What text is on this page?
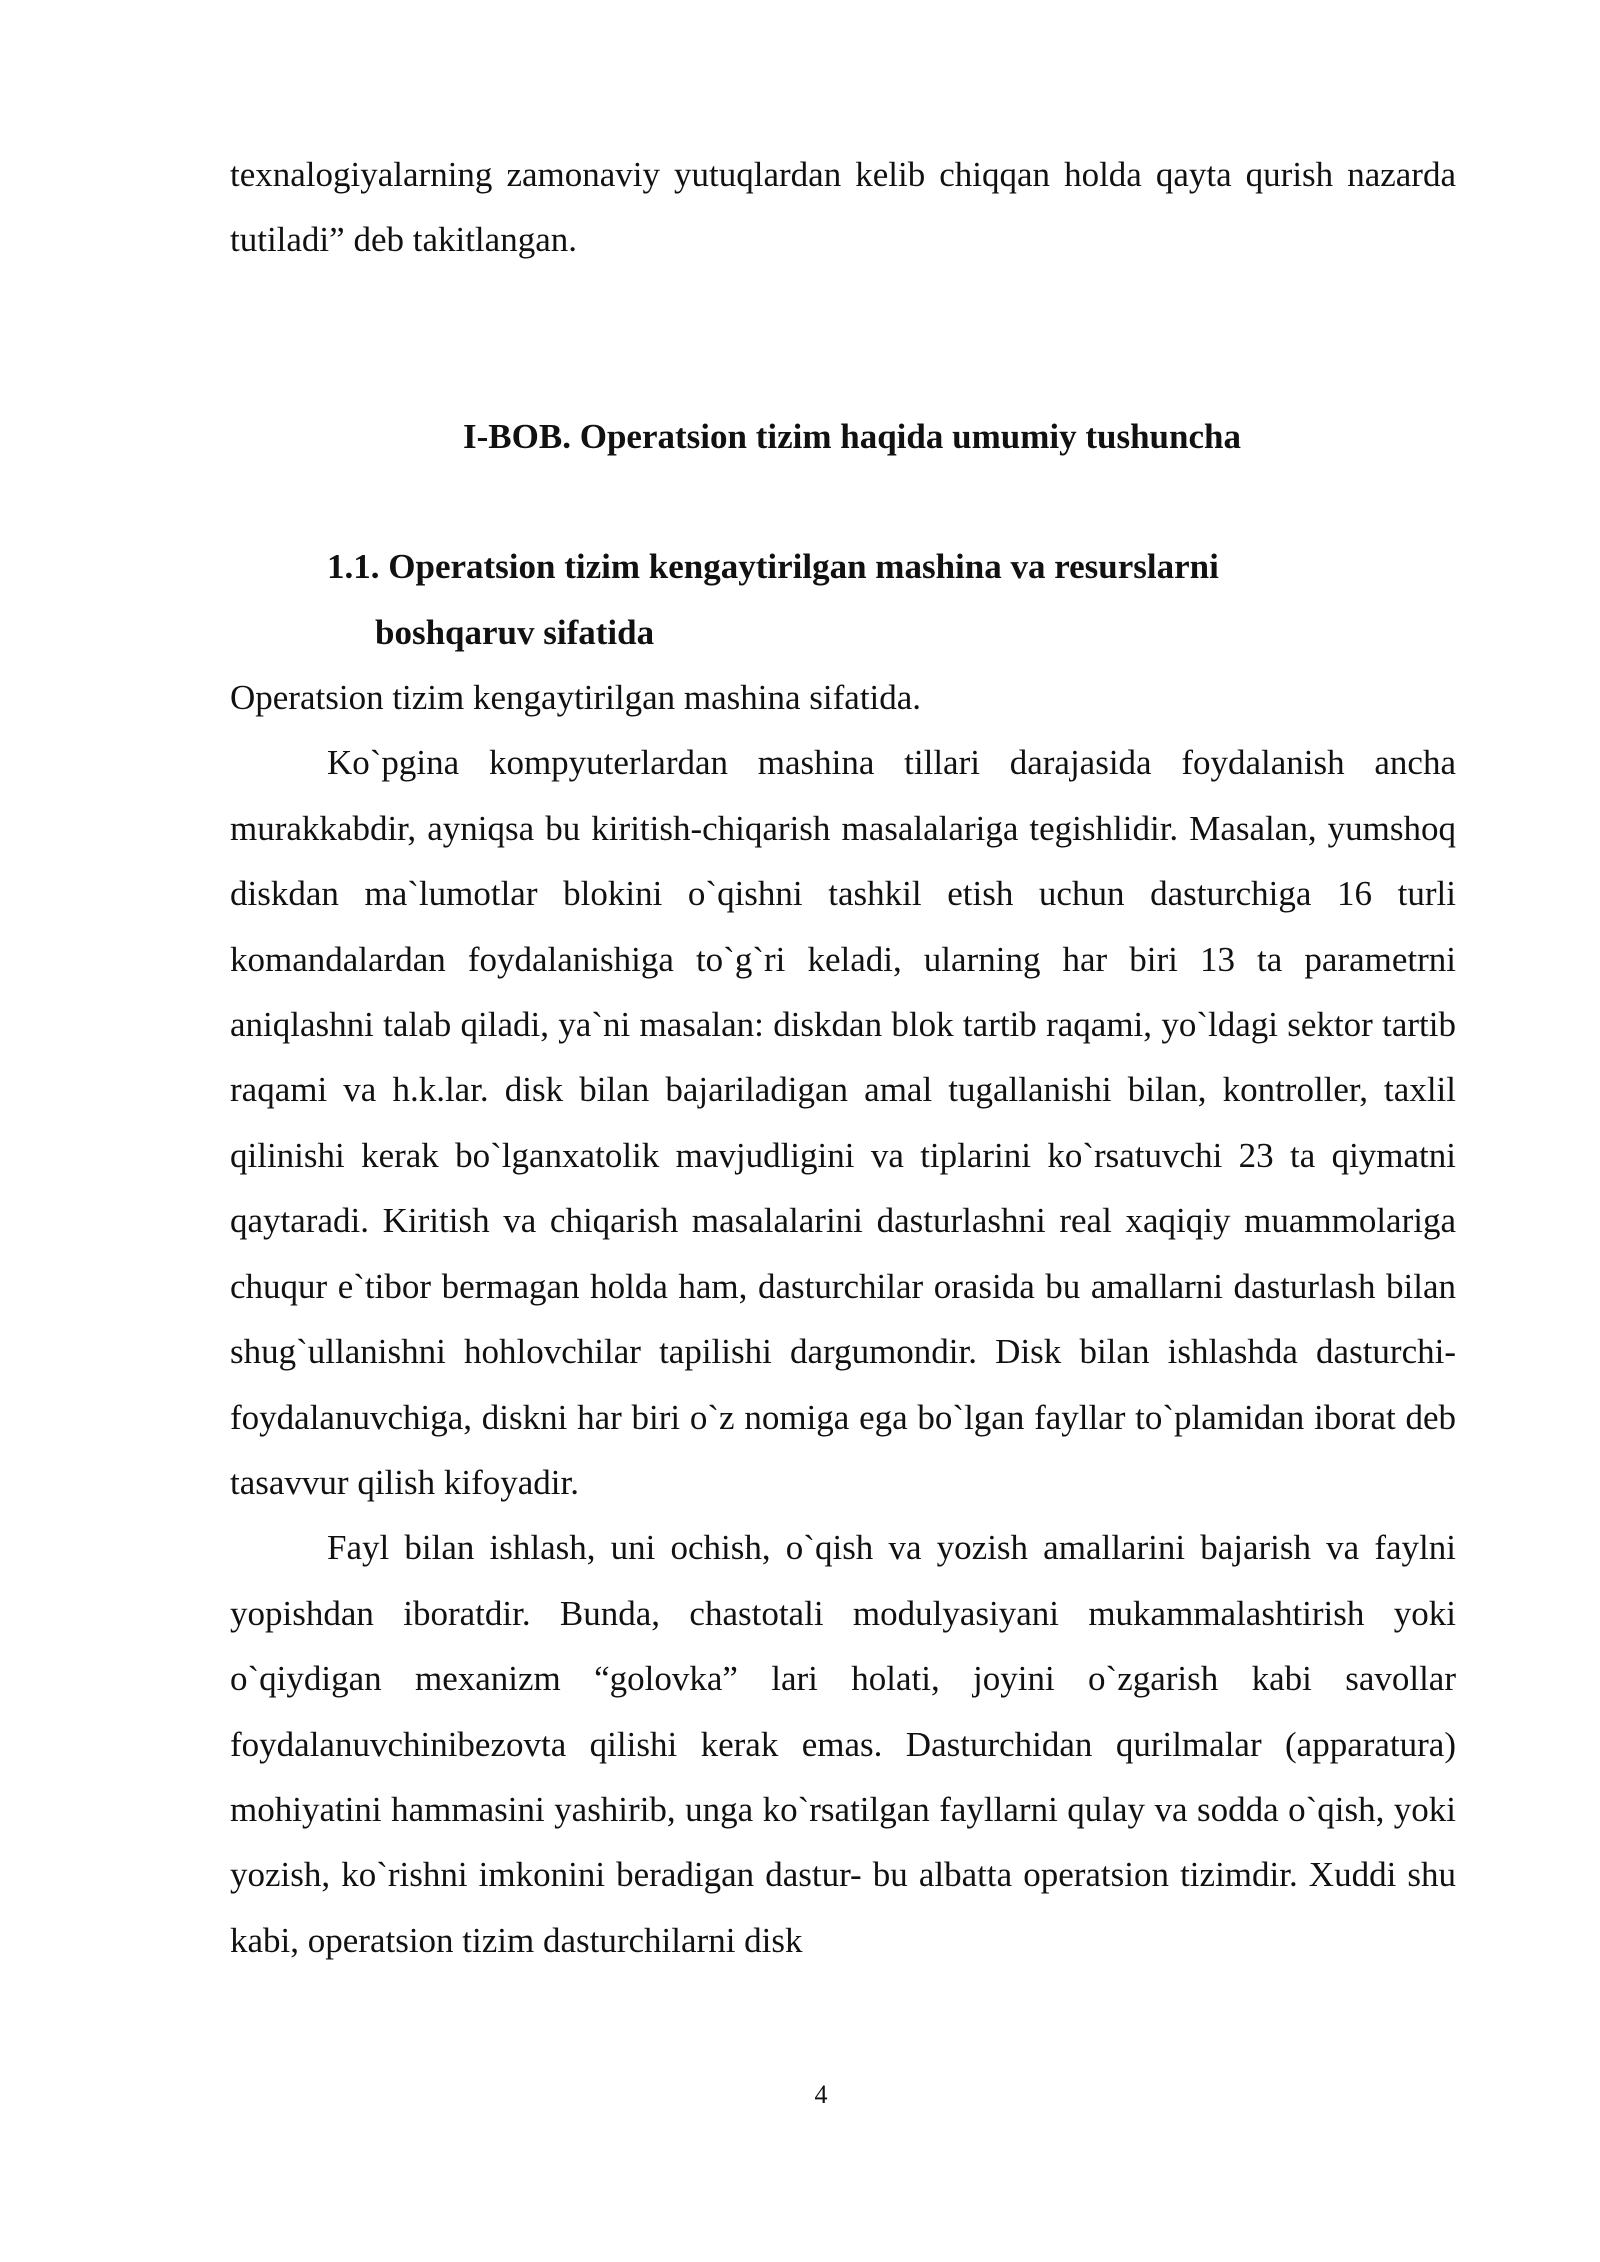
texnalogiyalarning zamonaviy yutuqlardan kelib chiqqan holda qayta qurish nazarda tutiladi” deb takitlangan.

I-BOB. Operatsion tizim haqida umumiy tushuncha
1.1. Operatsion tizim kengaytirilgan mashina va resurslarni
boshqaruv sifatida

Operatsion tizim kengaytirilgan mashina sifatida.

Ko`pgina kompyuterlardan mashina tillari darajasida foydalanish ancha murakkabdir, ayniqsa bu kiritish-chiqarish masalalariga tegishlidir. Masalan, yumshoq diskdan ma`lumotlar blokini o`qishni tashkil etish uchun dasturchiga 16 turli komandalardan foydalanishiga to`g`ri keladi, ularning har biri 13 ta parametrni aniqlashni talab qiladi, ya`ni masalan: diskdan blok tartib raqami, yo`ldagi sektor tartib raqami va h.k.lar. disk bilan bajariladigan amal tugallanishi bilan, kontroller, taxlil qilinishi kerak bo`lganxatolik mavjudligini va tiplarini ko`rsatuvchi 23 ta qiymatni qaytaradi. Kiritish va chiqarish masalalarini dasturlashni real xaqiqiy muammolariga chuqur e`tibor bermagan holda ham, dasturchilar orasida bu amallarni dasturlash bilan shug`ullanishni hohlovchilar tapilishi dargumondir. Disk bilan ishlashda dasturchi-foydalanuvchiga, diskni har biri o`z nomiga ega bo`lgan fayllar to`plamidan iborat deb tasavvur qilish kifoyadir.

Fayl bilan ishlash, uni ochish, o`qish va yozish amallarini bajarish va faylni yopishdan iboratdir. Bunda, chastotali modulyasiyani mukammalashtirish yoki o`qiydigan mexanizm “golovka” lari holati, joyini o`zgarish kabi savollar foydalanuvchinibezovta qilishi kerak emas. Dasturchidan qurilmalar (apparatura) mohiyatini hammasini yashirib, unga ko`rsatilgan fayllarni qulay va sodda o`qish, yoki yozish, ko`rishni imkonini beradigan dastur- bu albatta operatsion tizimdir. Xuddi shu kabi, operatsion tizim dasturchilarni disk

4
